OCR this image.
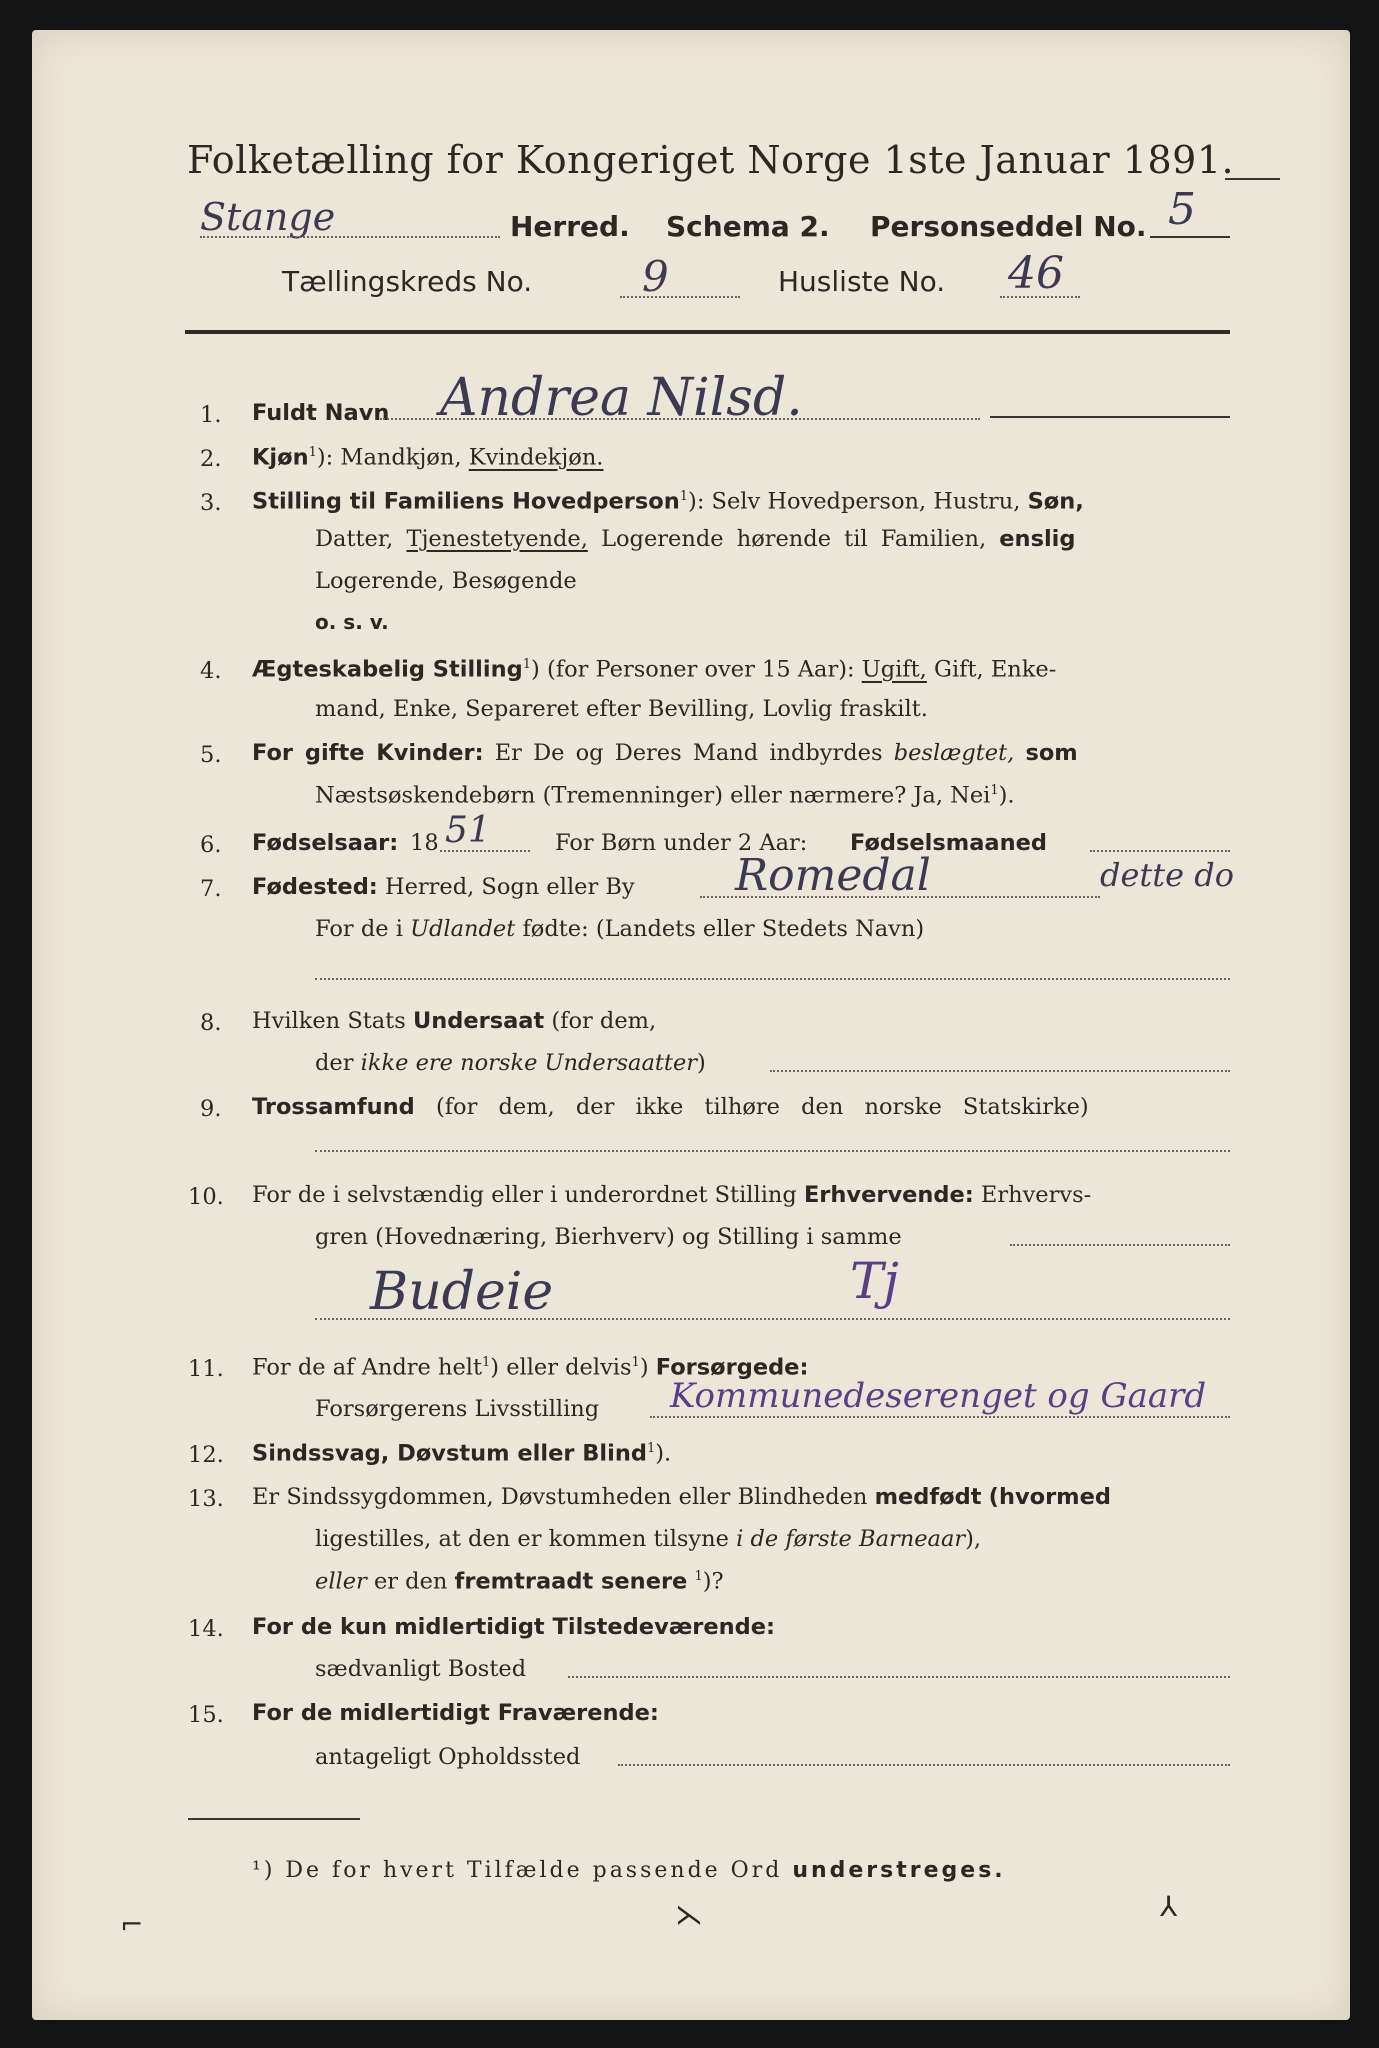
Folketælling for Kongeriget Norge 1ste Januar 1891.
Stange	Herred. Schema 2. Personseddel No. 5
Tællingskreds No.	9	Husliste No. 46
1. Fuldt Navn Andrea Nilsd.
2. Kjøn$^1$): Mandkjøn, Kvindekjøn.
3. Stilling til Familiens Hovedperson$^1$): Selv Hovedperson, Hustru, Søn,
Datter, Tjenestetyende, Logerende hørende til Familien, enslig
Logerende, Besøgende
o. s. v.
4. Ægteskabelig Stilling$^1$) (for Personer over 15 Aar): Ugift, Gift, Enke-
mand, Enke, Separeret efter Bevilling, Lovlig fraskilt.
5. For gifte Kvinder: Er De og Deres Mand indbyrdes beslægtet, som
Næstsøskendebørn (Tremenninger) eller nærmere? Ja, Nei$^1$).
6. Fødselsaar: 18 51	For Børn under 2 Aar: Fødselsmaaned
7. Fødested: Herred, Sogn eller By Romedal	dette do
For de i Udlandet fødte: (Landets eller Stedets Navn)
8. Hvilken Stats Undersaat (for dem,
der ikke ere norske Undersaatter)
9. Trossamfund (for dem, der ikke tilhøre den norske Statskirke)
10. For de i selvstændig eller i underordnet Stilling Erhvervende: Erhvervs-
gren (Hovednæring, Bierhverv) og Stilling i samme
Budeie	Tj
11. For de af Andre helt$^1$) eller delvis$^1$) Forsørgede:
Forsørgerens Livsstilling Kommunedeserenget og Gaard
12. Sindssvag, Døvstum eller Blind$^1$).
13. Er Sindssygdommen, Døvstumheden eller Blindheden medfødt (hvormed
ligestilles, at den er kommen tilsyne i de første Barneaar),
eller er den fremtraadt senere $^1$)?
14. For de kun midlertidigt Tilstedeværende:
sædvanligt Bosted
15. For de midlertidigt Fraværende:
antageligt Opholdssted
¹) De for hvert Tilfælde passende Ord understreges.
⌐	⋋	⅄
